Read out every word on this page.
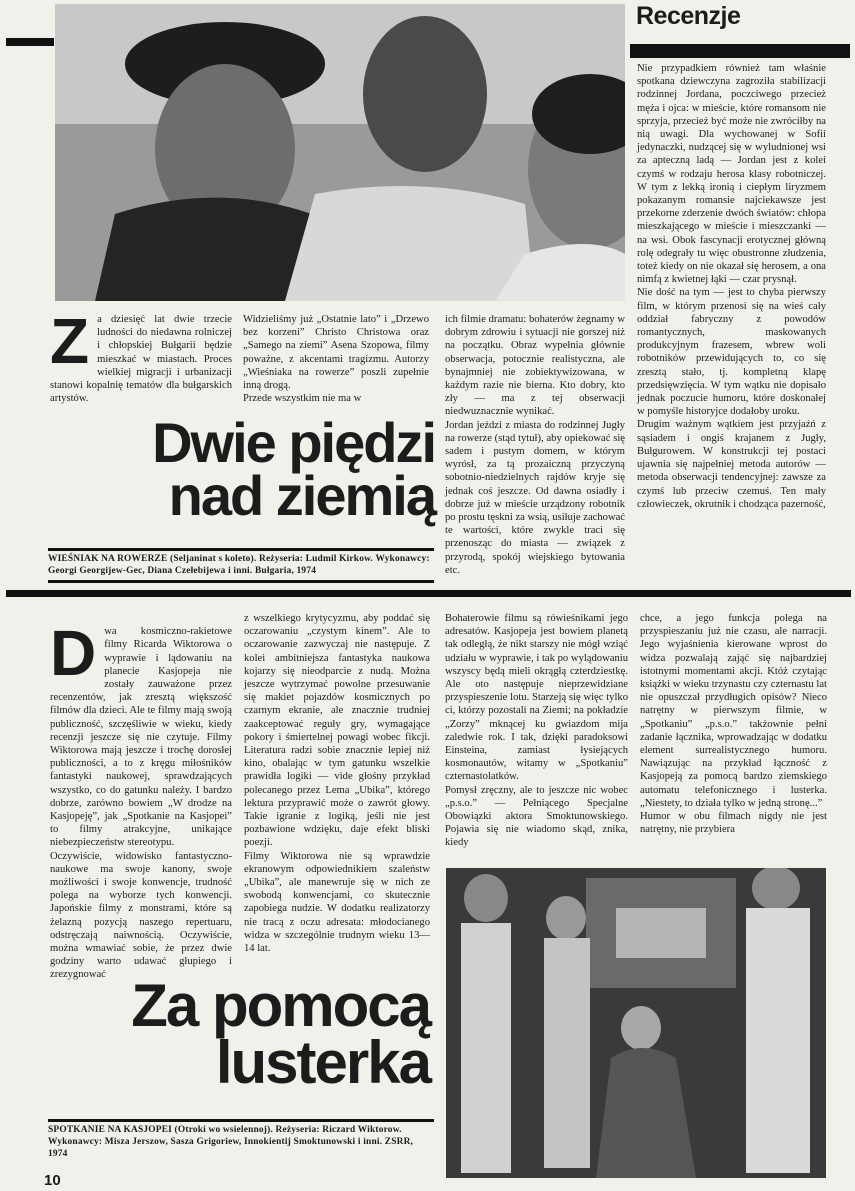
Recenzje
Z a dziesięć lat dwie trzecie ludności do niedawna rolniczej i chłopskiej Bułgarii będzie mieszkać w miastach. Proces wielkiej migracji i urbanizacji stanowi kopalnię tematów dla bułgarskich artystów.
Widzieliśmy już „Ostatnie lato” i „Drzewo bez korzeni” Christo Christowa oraz „Samego na ziemi” Asena Szopowa, filmy poważne, z akcentami tragizmu. Autorzy „Wieśniaka na rowerze” poszli zupełnie inną drogą.
Przede wszystkim nie ma w
ich filmie dramatu: bohaterów żegnamy w dobrym zdrowiu i sytuacji nie gorszej niż na początku. Obraz wypełnia głównie obserwacja, potocznie realistyczna, ale bynajmniej nie zobiektywizowana, w każdym razie nie bierna. Kto dobry, kto zły — ma z tej obserwacji niedwuznacznie wynikać.
Jordan jeździ z miasta do rodzinnej Jugły na rowerze (stąd tytuł), aby opiekować się sadem i pustym domem, w którym wyrósł, za tą prozaiczną przyczyną sobotnio-niedzielnych rajdów kryje się jednak coś jeszcze. Od dawna osiadły i dobrze już w mieście urządzony robotnik po prostu tęskni za wsią, usiłuje zachować te wartości, które zwykle traci się przenosząc do miasta — związek z przyrodą, spokój wiejskiego bytowania etc.
Nie przypadkiem również tam właśnie spotkana dziewczyna zagroziła stabilizacji rodzinnej Jordana, poczciwego przecież męża i ojca: w mieście, które romansom nie sprzyja, przecież być może nie zwróciłby na nią uwagi. Dla wychowanej w Sofii jedynaczki, nudzącej się w wyludnionej wsi za apteczną ladą — Jordan jest z kolei czymś w rodzaju herosa klasy robotniczej. W tym z lekką ironią i ciepłym liryzmem pokazanym romansie najciekawsze jest przekorne zderzenie dwóch światów: chłopa mieszkającego w mieście i mieszczanki — na wsi. Obok fascynacji erotycznej główną rolę odegrały tu więc obustronne złudzenia, toteż kiedy on nie okazał się herosem, a ona nimfą z kwietnej łąki — czar prysnął.
Nie dość na tym — jest to chyba pierwszy film, w którym przenosi się na wieś cały oddział fabryczny z powodów romantycznych, maskowanych produkcyjnym frazesem, wbrew woli robotników przewidujących to, co się zresztą stało, tj. kompletną klapę przedsięwzięcia. W tym wątku nie dopisało jednak poczucie humoru, które doskonałej w pomyśle historyjce dodałoby uroku.
Drugim ważnym wątkiem jest przyjaźń z sąsiadem i ongiś krajanem z Jugły, Bułgurowem. W konstrukcji tej postaci ujawnia się najpełniej metoda autorów — metoda obserwacji tendencyjnej: zawsze za czymś lub przeciw czemuś. Ten mały człowieczek, okrutnik i chodząca pazerność,
Dwie piędzi
nad ziemią
WIEŚNIAK NA ROWERZE (Seljaninat s koleto). Reżyseria: Ludmil Kirkow. Wykonawcy: Georgi Georgijew-Gec, Diana Czełebijewa i inni. Bułgaria, 1974

Dwa kosmiczno-rakietowe filmy Ricarda Wiktorowa o wyprawie i lądowaniu na planecie Kasjopeja nie zostały zauważone przez recenzentów, jak zresztą większość filmów dla dzieci. Ale te filmy mają swoją publiczność, szczęśliwie w wieku, kiedy recenzji jeszcze się nie czytuje. Filmy Wiktorowa mają jeszcze i trochę dorosłej publiczności, a to z kręgu miłośników fantastyki naukowej, sprawdzających wszystko, co do gatunku należy. I bardzo dobrze, zarówno bowiem „W drodze na Kasjopeję”, jak „Spotkanie na Kasjopei” to filmy atrakcyjne, unikające niebezpieczeństw stereotypu.
Oczywiście, widowisko fantastyczno-naukowe ma swoje kanony, swoje możliwości i swoje konwencje, trudność polega na wyborze tych konwencji. Japońskie filmy z monstrami, które są żelazną pozycją naszego repertuaru, odstręczają naiwnością. Oczywiście, można wmawiać sobie, że przez dwie godziny warto udawać głupiego i zrezygnować

z wszelkiego krytycyzmu, aby poddać się oczarowaniu „czystym kinem”. Ale to oczarowanie zazwyczaj nie następuje. Z kolei ambitniejsza fantastyka naukowa kojarzy się nieodparcie z nudą. Można jeszcze wytrzymać powolne przesuwanie się makiet pojazdów kosmicznych po czarnym ekranie, ale znacznie trudniej zaakceptować reguły gry, wymagające pokory i śmiertelnej powagi wobec fikcji. Literatura radzi sobie znacznie lepiej niż kino, obalając w tym gatunku wszelkie prawidła logiki — vide głośny przykład polecanego przez Lema „Ubika”, którego lektura przyprawić może o zawrót głowy. Takie igranie z logiką, jeśli nie jest pozbawione wdzięku, daje efekt bliski poezji.
Filmy Wiktorowa nie są wprawdzie ekranowym odpowiednikiem szaleństw „Ubika”, ale manewruje się w nich ze swobodą konwencjami, co skutecznie zapobiega nudzie. W dodatku realizatorzy nie tracą z oczu adresata: młodocianego widza w szczególnie trudnym wieku 13—14 lat.
Bohaterowie filmu są rówieśnikami jego adresatów. Kasjopeja jest bowiem planetą tak odległą, że nikt starszy nie mógł wziąć udziału w wyprawie, i tak po wylądowaniu wszyscy będą mieli okrągłą czterdziestkę. Ale oto następuje nieprzewidziane przyspieszenie lotu. Starzeją się więc tylko ci, którzy pozostali na Ziemi; na pokładzie „Zorzy” mknącej ku gwiazdom mija zaledwie rok. I tak, dzięki paradoksowi Einsteina, zamiast łysiejących kosmonautów, witamy w „Spotkaniu” czternastolatków.
Pomysł zręczny, ale to jeszcze nic wobec „p.s.o.” — Pełniącego Specjalne Obowiązki aktora Smoktunowskiego. Pojawia się nie wiadomo skąd, znika, kiedy
chce, a jego funkcja polega na przyspieszaniu już nie czasu, ale narracji. Jego wyjaśnienia kierowane wprost do widza pozwalają zająć się najbardziej istotnymi momentami akcji. Któż czytając książki w wieku trzynastu czy czternastu lat nie opuszczał przydługich opisów? Nieco natrętny w pierwszym filmie, w „Spotkaniu” „p.s.o.” takżownie pełni zadanie łącznika, wprowadzając w dodatku element surrealistycznego humoru. Nawiązując na przykład łączność z Kasjopeją za pomocą bardzo ziemskiego automatu telefonicznego i lusterka. „Niestety, to działa tylko w jedną stronę...”
Humor w obu filmach nigdy nie jest natrętny, nie przybiera
Za pomocą
lusterka
SPOTKANIE NA KASJOPEI (Otroki wo wsielennoj). Reżyseria: Riczard Wiktorow. Wykonawcy: Misza Jerszow, Sasza Grigoriew, Innokientij Smoktunowski i inni. ZSRR, 1974
10
